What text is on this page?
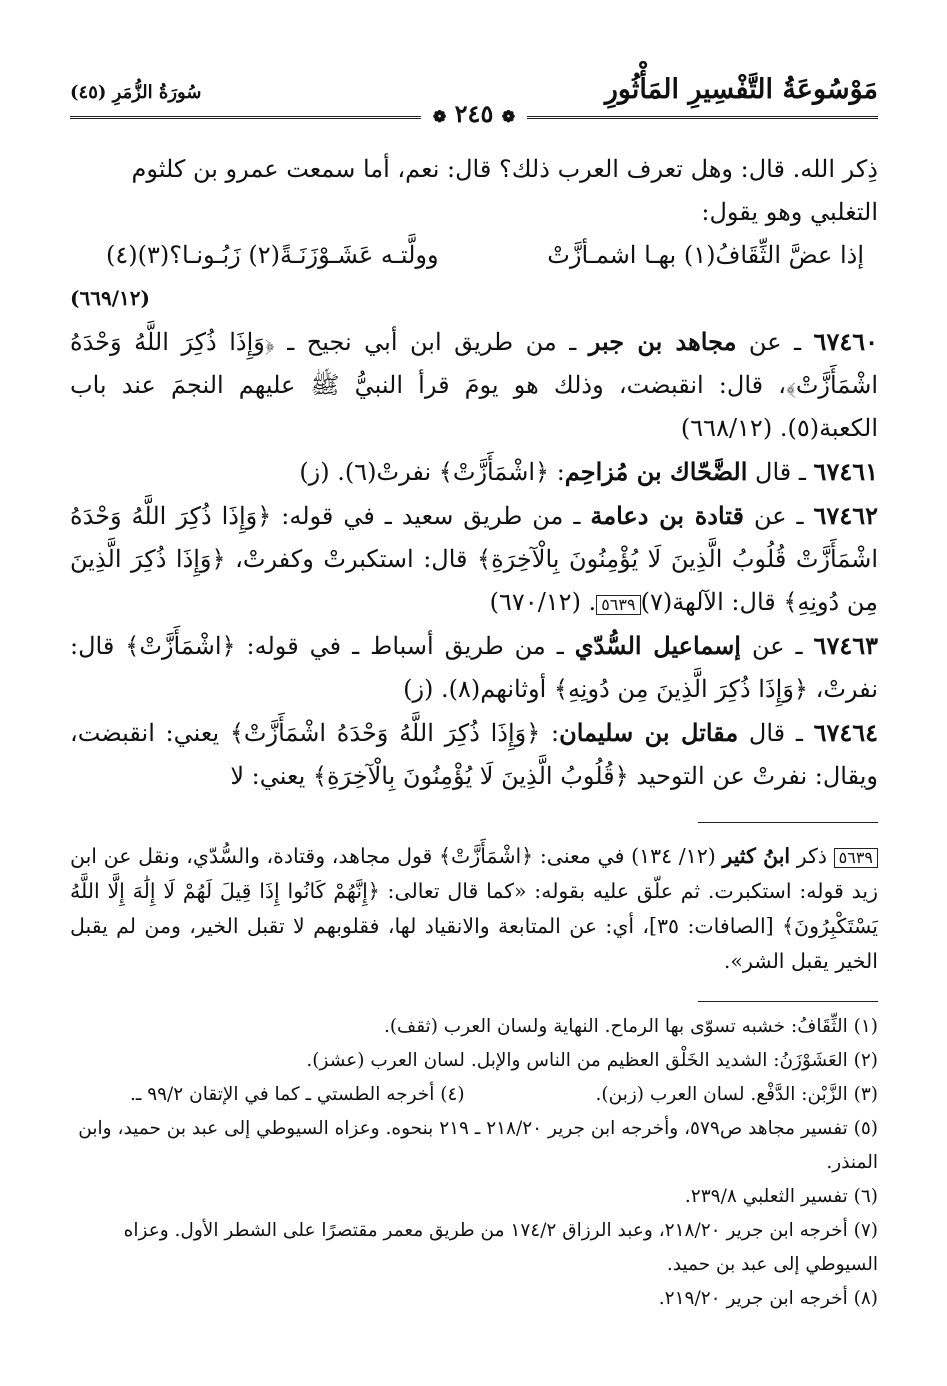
مَوْسُوعَةُ التَّفْسِيرِ المَأْثُورِ
سُورَةُ الزُّمَرِ (٤٥)
❁ ٢٤٥ ❁

ذِكر الله. قال: وهل تعرف العرب ذلك؟ قال: نعم، أما سمعت عمرو بن كلثوم

التغلبي وهو يقول:

إذا عضَّ الثِّقَافُ(١) بهـا اشمـأزَّتْ
وولَّتـه عَشَـوْزَنَـةً(٢) زَبُـونـا؟(٣)(٤)
(٦٦٩/١٢)

٦٧٤٦٠ ـ عن مجاهد بن جبر ـ من طريق ابن أبي نجيح ـ ﴿وَإِذَا ذُكِرَ اللَّهُ وَحْدَهُ اشْمَأَزَّتْ﴾، قال: انقبضت، وذلك هو يومَ قرأ النبيُّ ﷺ عليهم النجمَ عند باب الكعبة(٥). (٦٦٨/١٢)

٦٧٤٦١ ـ قال الضَّحّاك بن مُزاحِم: ﴿اشْمَأَزَّتْ﴾ نفرتْ(٦). (ز)

٦٧٤٦٢ ـ عن قتادة بن دعامة ـ من طريق سعيد ـ في قوله: ﴿وَإِذَا ذُكِرَ اللَّهُ وَحْدَهُ اشْمَأَزَّتْ قُلُوبُ الَّذِينَ لَا يُؤْمِنُونَ بِالْآخِرَةِ﴾ قال: استكبرتْ وكفرتْ، ﴿وَإِذَا ذُكِرَ الَّذِينَ مِن دُونِهِ﴾ قال: الآلهة(٧)٥٦٣٩. (٦٧٠/١٢)

٦٧٤٦٣ ـ عن إسماعيل السُّدّي ـ من طريق أسباط ـ في قوله: ﴿اشْمَأَزَّتْ﴾ قال: نفرتْ، ﴿وَإِذَا ذُكِرَ الَّذِينَ مِن دُونِهِ﴾ أوثانهم(٨). (ز)

٦٧٤٦٤ ـ قال مقاتل بن سليمان: ﴿وَإِذَا ذُكِرَ اللَّهُ وَحْدَهُ اشْمَأَزَّتْ﴾ يعني: انقبضت، ويقال: نفرتْ عن التوحيد ﴿قُلُوبُ الَّذِينَ لَا يُؤْمِنُونَ بِالْآخِرَةِ﴾ يعني: لا

٥٦٣٩ ذكر ابنُ كثير (١٢/ ١٣٤) في معنى: ﴿اشْمَأَزَّتْ﴾ قول مجاهد، وقتادة، والسُّدّي، ونقل عن ابن زيد قوله: استكبرت. ثم علّق عليه بقوله: «كما قال تعالى: ﴿إِنَّهُمْ كَانُوا إِذَا قِيلَ لَهُمْ لَا إِلَٰهَ إِلَّا اللَّهُ يَسْتَكْبِرُونَ﴾ [الصافات: ٣٥]، أي: عن المتابعة والانقياد لها، فقلوبهم لا تقبل الخير، ومن لم يقبل الخير يقبل الشر».

(١) الثِّقَافُ: خشبه تسوّى بها الرماح. النهاية ولسان العرب (ثقف).

(٢) العَشَوْزَنُ: الشديد الخَلْق العظيم من الناس والإبل. لسان العرب (عشز).

(٣) الزَّبْن: الدَّفْع. لسان العرب (زبن).
(٤) أخرجه الطستي ـ كما في الإتقان ٩٩/٢ ـ.

(٥) تفسير مجاهد ص٥٧٩، وأخرجه ابن جرير ٢١٨/٢٠ ـ ٢١٩ بنحوه. وعزاه السيوطي إلى عبد بن حميد، وابن المنذر.

(٦) تفسير الثعلبي ٢٣٩/٨.

(٧) أخرجه ابن جرير ٢١٨/٢٠، وعبد الرزاق ١٧٤/٢ من طريق معمر مقتصرًا على الشطر الأول. وعزاه السيوطي إلى عبد بن حميد.

(٨) أخرجه ابن جرير ٢١٩/٢٠.
